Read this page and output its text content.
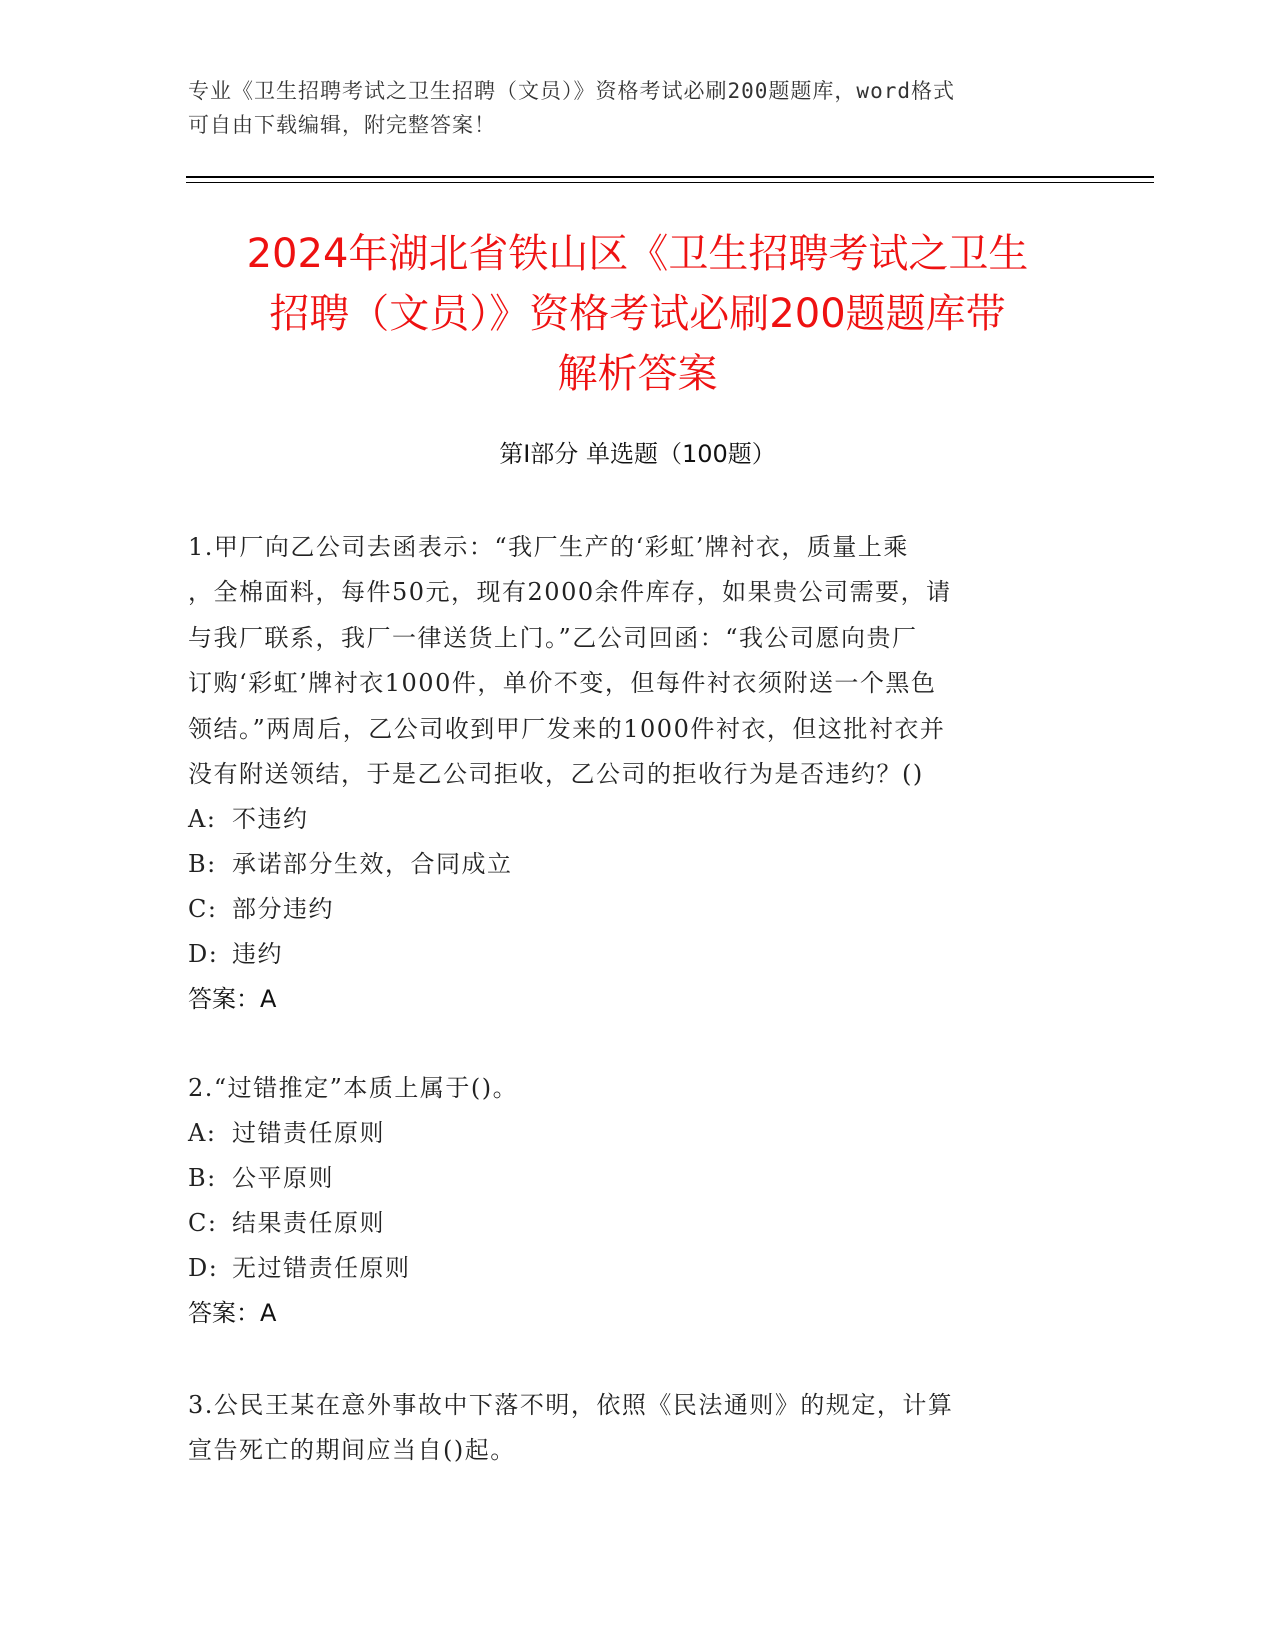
专业《卫生招聘考试之卫生招聘（文员）》资格考试必刷200题题库，word格式
可自由下载编辑，附完整答案！
2024年湖北省铁山区《卫生招聘考试之卫生
招聘（文员）》资格考试必刷200题题库带
解析答案
第Ⅰ部分 单选题（100题）

1.甲厂向乙公司去函表示：“我厂生产的‘彩虹’牌衬衣，质量上乘

，全棉面料，每件50元，现有2000余件库存，如果贵公司需要，请

与我厂联系，我厂一律送货上门。”乙公司回函：“我公司愿向贵厂

订购‘彩虹’牌衬衣1000件，单价不变，但每件衬衣须附送一个黑色

领结。”两周后，乙公司收到甲厂发来的1000件衬衣，但这批衬衣并

没有附送领结，于是乙公司拒收，乙公司的拒收行为是否违约？()

A: 不违约

B: 承诺部分生效，合同成立

C: 部分违约

D: 违约

答案：A

2.“过错推定”本质上属于()。

A: 过错责任原则

B: 公平原则

C: 结果责任原则

D: 无过错责任原则

答案：A

3.公民王某在意外事故中下落不明，依照《民法通则》的规定，计算

宣告死亡的期间应当自()起。
